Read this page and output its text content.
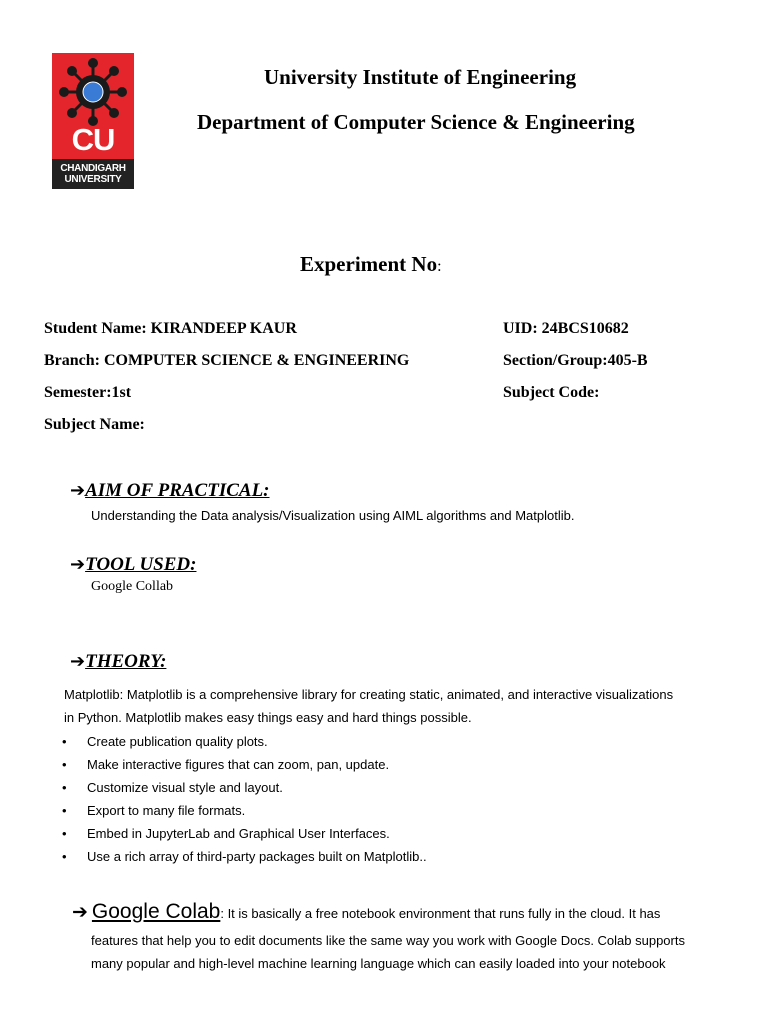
CU
CHANDIGARH
UNIVERSITY
University Institute of Engineering
Department of Computer Science & Engineering
Experiment No:
Student Name: KIRANDEEP KAUR	UID: 24BCS10682
Branch: COMPUTER SCIENCE & ENGINEERING	Section/Group:405-B
Semester:1st	Subject Code:
Subject Name:
➔AIM OF PRACTICAL:
Understanding the Data analysis/Visualization using AIML algorithms and Matplotlib.
➔TOOL USED:
Google Collab
➔THEORY:
Matplotlib: Matplotlib is a comprehensive library for creating static, animated, and interactive visualizations
in Python. Matplotlib makes easy things easy and hard things possible.
• Create publication quality plots.
• Make interactive figures that can zoom, pan, update.
• Customize visual style and layout.
• Export to many file formats.
• Embed in JupyterLab and Graphical User Interfaces.
• Use a rich array of third-party packages built on Matplotlib..
➔ Google Colab: It is basically a free notebook environment that runs fully in the cloud. It has
features that help you to edit documents like the same way you work with Google Docs. Colab supports
many popular and high-level machine learning language which can easily loaded into your notebook
